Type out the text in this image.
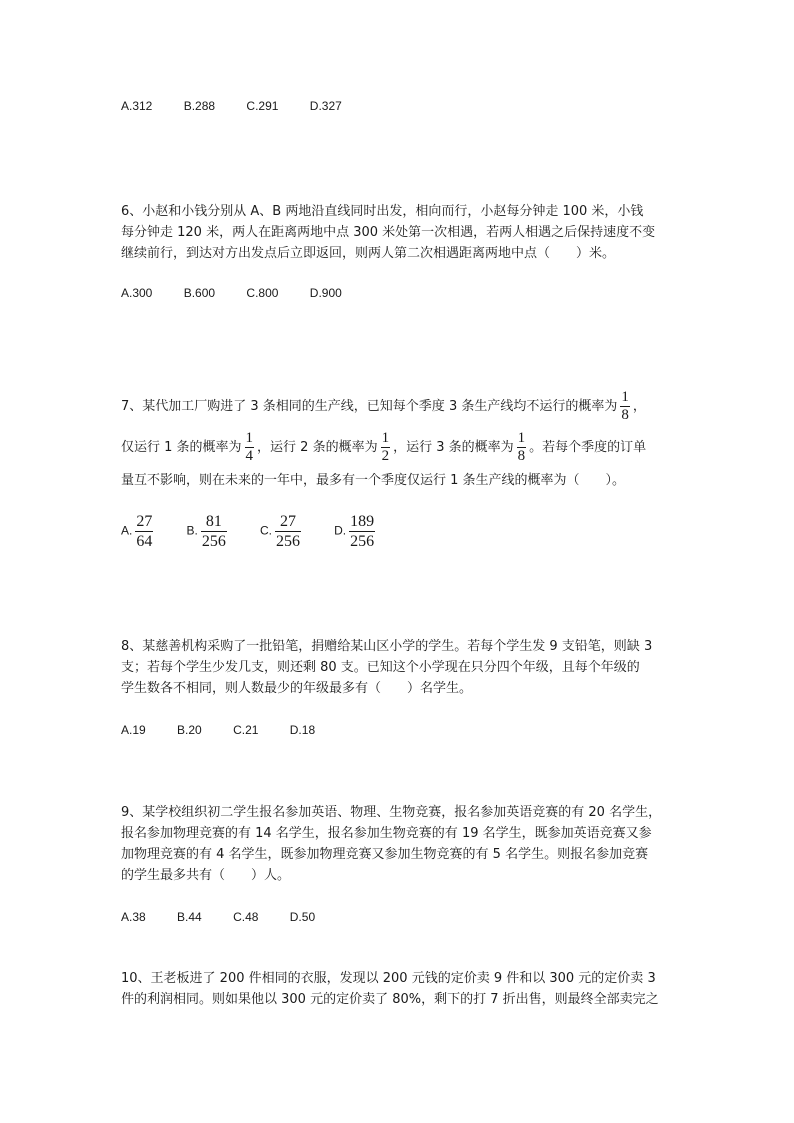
A.312	B.288	C.291	D.327
6、小赵和小钱分别从 A、B 两地沿直线同时出发，相向而行，小赵每分钟走 100 米，小钱
每分钟走 120 米，两人在距离两地中点 300 米处第一次相遇，若两人相遇之后保持速度不变
继续前行，到达对方出发点后立即返回，则两人第二次相遇距离两地中点（　　）米。
A.300	B.600	C.800	D.900
7、某代加工厂购进了 3 条相同的生产线，已知每个季度 3 条生产线均不运行的概率为 $\frac{1}{8}$ ，
仅运行 1 条的概率为 $\frac{1}{4}$ ，运行 2 条的概率为 $\frac{1}{2}$ ，运行 3 条的概率为 $\frac{1}{8}$ 。若每个季度的订单
量互不影响，则在未来的一年中，最多有一个季度仅运行 1 条生产线的概率为（　　）。
A. $\frac{27}{64}$	B. $\frac{81}{256}$	C. $\frac{27}{256}$	D. $\frac{189}{256}$
8、某慈善机构采购了一批铅笔，捐赠给某山区小学的学生。若每个学生发 9 支铅笔，则缺 3
支；若每个学生少发几支，则还剩 80 支。已知这个小学现在只分四个年级，且每个年级的
学生数各不相同，则人数最少的年级最多有（　　）名学生。
A.19	B.20	C.21	D.18
9、某学校组织初二学生报名参加英语、物理、生物竞赛，报名参加英语竞赛的有 20 名学生，
报名参加物理竞赛的有 14 名学生，报名参加生物竞赛的有 19 名学生，既参加英语竞赛又参
加物理竞赛的有 4 名学生，既参加物理竞赛又参加生物竞赛的有 5 名学生。则报名参加竞赛
的学生最多共有（　　）人。
A.38	B.44	C.48	D.50
10、王老板进了 200 件相同的衣服，发现以 200 元钱的定价卖 9 件和以 300 元的定价卖 3
件的利润相同。则如果他以 300 元的定价卖了 80%，剩下的打 7 折出售，则最终全部卖完之
